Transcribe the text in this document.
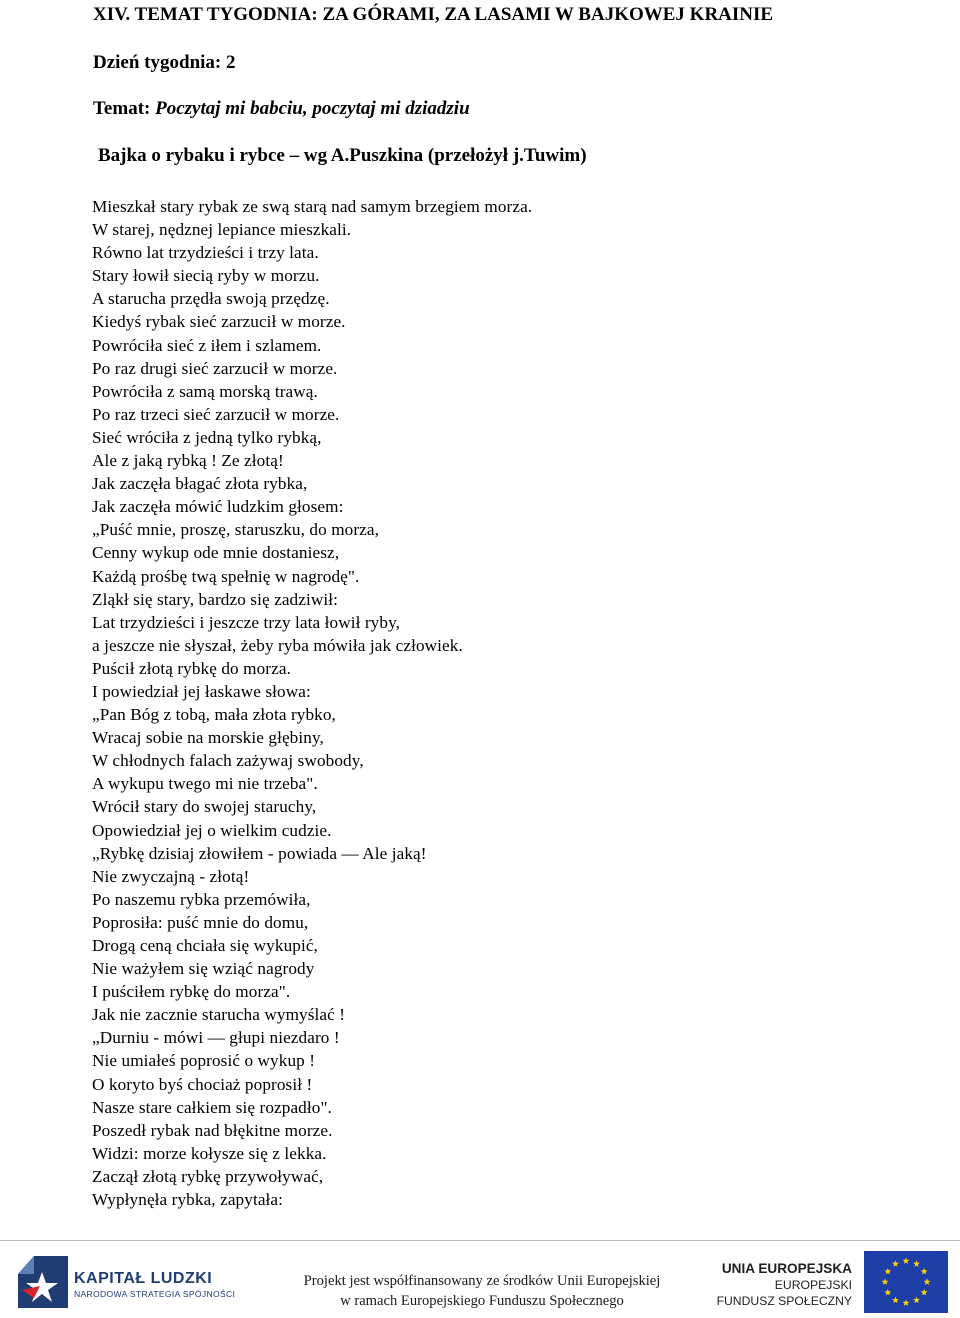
XIV. TEMAT TYGODNIA: ZA GÓRAMI, ZA LASAMI W BAJKOWEJ KRAINIE
Dzień tygodnia: 2
Temat: Poczytaj mi babciu, poczytaj mi dziadziu
Bajka o rybaku i rybce – wg A.Puszkina (przełożył j.Tuwim)
Mieszkał stary rybak ze swą starą nad samym brzegiem morza.
W starej, nędznej lepiance mieszkali.
Równo lat trzydzieści i trzy lata.
Stary łowił siecią ryby w morzu.
A starucha przędła swoją przędzę.
Kiedyś rybak sieć zarzucił w morze.
Powróciła sieć z iłem i szlamem.
Po raz drugi sieć zarzucił w morze.
Powróciła z samą morską trawą.
Po raz trzeci sieć zarzucił w morze.
Sieć wróciła z jedną tylko rybką,
Ale z jaką rybką ! Ze złotą!
Jak zaczęła błagać złota rybka,
Jak zaczęła mówić ludzkim głosem:
„Puść mnie, proszę, staruszku, do morza,
Cenny wykup ode mnie dostaniesz,
Każdą prośbę twą spełnię w nagrodę".
Zląkł się stary, bardzo się zadziwił:
Lat trzydzieści i jeszcze trzy lata łowił ryby,
a jeszcze nie słyszał, żeby ryba mówiła jak człowiek.
Puścił złotą rybkę do morza.
I powiedział jej łaskawe słowa:
„Pan Bóg z tobą, mała złota rybko,
Wracaj sobie na morskie głębiny,
W chłodnych falach zażywaj swobody,
A wykupu twego mi nie trzeba".
Wrócił stary do swojej staruchy,
Opowiedział jej o wielkim cudzie.
„Rybkę dzisiaj złowiłem - powiada — Ale jaką!
Nie zwyczajną - złotą!
Po naszemu rybka przemówiła,
Poprosiła: puść mnie do domu,
Drogą ceną chciała się wykupić,
Nie ważyłem się wziąć nagrody
I puściłem rybkę do morza".
Jak nie zacznie starucha wymyślać !
„Durniu - mówi — głupi niezdaro !
Nie umiałeś poprosić o wykup !
O koryto byś chociaż poprosił !
Nasze stare całkiem się rozpadło".
Poszedł rybak nad błękitne morze.
Widzi: morze kołysze się z lekka.
Zaczął złotą rybkę przywoływać,
Wypłynęła rybka, zapytała:
KAPITAŁ LUDZKI
NARODOWA STRATEGIA SPÓJNOŚCI
Projekt jest współfinansowany ze środków Unii Europejskiej
w ramach Europejskiego Funduszu Społecznego
UNIA EUROPEJSKA
EUROPEJSKI
FUNDUSZ SPOŁECZNY
